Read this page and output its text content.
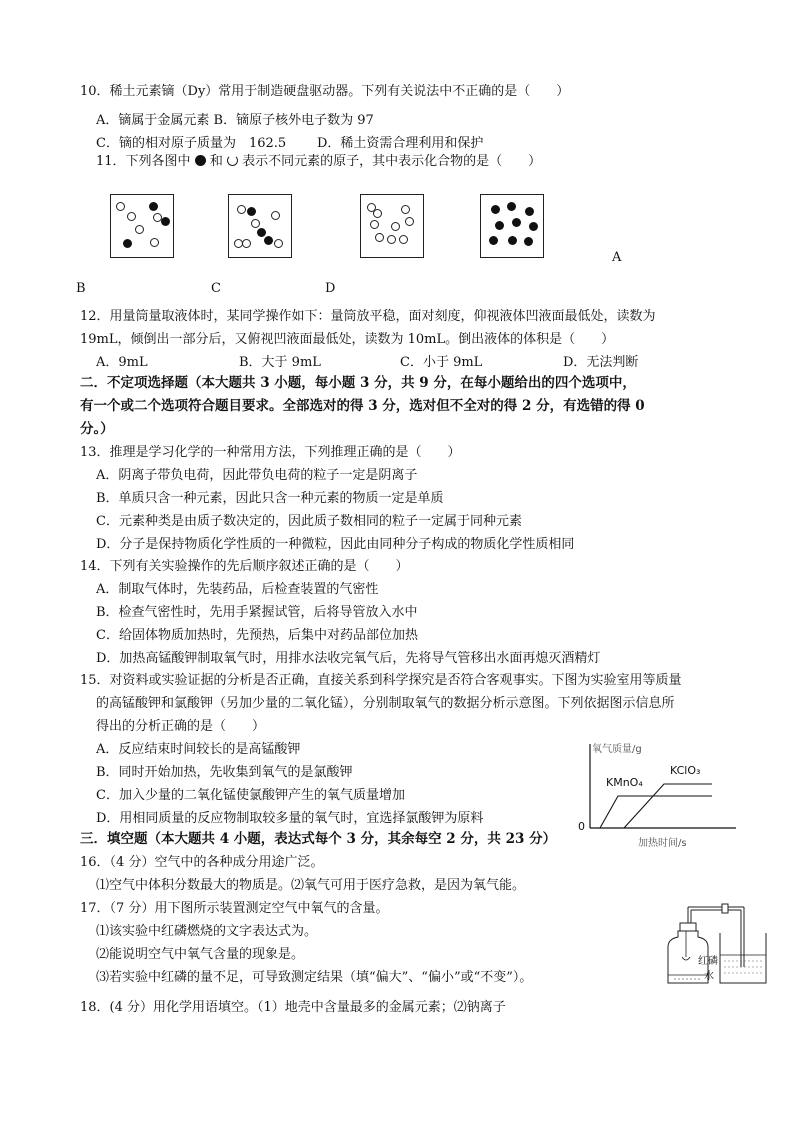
10．稀土元素镝（Dy）常用于制造硬盘驱动器。下列有关说法中不正确的是（　　）
A．镝属于金属元素 B．镝原子核外电子数为 97
C．镝的相对原子质量为　162.5 D．稀土资需合理利用和保护
11．下列各图中 和 表示不同元素的原子，其中表示化合物的是（　　）
A
B	C	D
12．用量筒量取液体时，某同学操作如下：量筒放平稳，面对刻度，仰视液体凹液面最低处，读数为
19mL，倾倒出一部分后，又俯视凹液面最低处，读数为 10mL。倒出液体的体积是（　　）
A．9mL	B．大于 9mL	C．小于 9mL	D．无法判断
二．不定项选择题（本大题共 3 小题，每小题 3 分，共 9 分，在每小题给出的四个选项中，
有一个或二个选项符合题目要求。全部选对的得 3 分，选对但不全对的得 2 分，有选错的得 0
分。）
13．推理是学习化学的一种常用方法，下列推理正确的是（　　）
A．阴离子带负电荷，因此带负电荷的粒子一定是阴离子
B．单质只含一种元素，因此只含一种元素的物质一定是单质
C．元素种类是由质子数决定的，因此质子数相同的粒子一定属于同种元素
D．分子是保持物质化学性质的一种微粒，因此由同种分子构成的物质化学性质相同
14．下列有关实验操作的先后顺序叙述正确的是（　　）
A．制取气体时，先装药品，后检查装置的气密性
B．检查气密性时，先用手紧握试管，后将导管放入水中
C．给固体物质加热时，先预热，后集中对药品部位加热
D．加热高锰酸钾制取氧气时，用排水法收完氧气后，先将导气管移出水面再熄灭酒精灯
15．对资料或实验证据的分析是否正确，直接关系到科学探究是否符合客观事实。下图为实验室用等质量
的高锰酸钾和氯酸钾（另加少量的二氧化锰），分别制取氧气的数据分析示意图。下列依据图示信息所
得出的分析正确的是（　　）
A．反应结束时间较长的是高锰酸钾
B．同时开始加热，先收集到氧气的是氯酸钾
C．加入少量的二氧化锰使氯酸钾产生的氧气质量增加
D．用相同质量的反应物制取较多量的氧气时，宜选择氯酸钾为原料
氧气质量/g
KClO₃
KMnO₄
0
加热时间/s
三．填空题（本大题共 4 小题，表达式每个 3 分，其余每空 2 分，共 23 分）
16．（4 分）空气中的各种成分用途广泛。
⑴空气中体积分数最大的物质是。⑵氧气可用于医疗急救，是因为氧气能。
17．（7 分）用下图所示装置测定空气中氧气的含量。
⑴该实验中红磷燃烧的文字表达式为。
⑵能说明空气中氧气含量的现象是。
⑶若实验中红磷的量不足，可导致测定结果（填“偏大”、“偏小”或“不变”）。
红磷
水
18．(4 分）用化学用语填空。（1）地壳中含量最多的金属元素；⑵钠离子
